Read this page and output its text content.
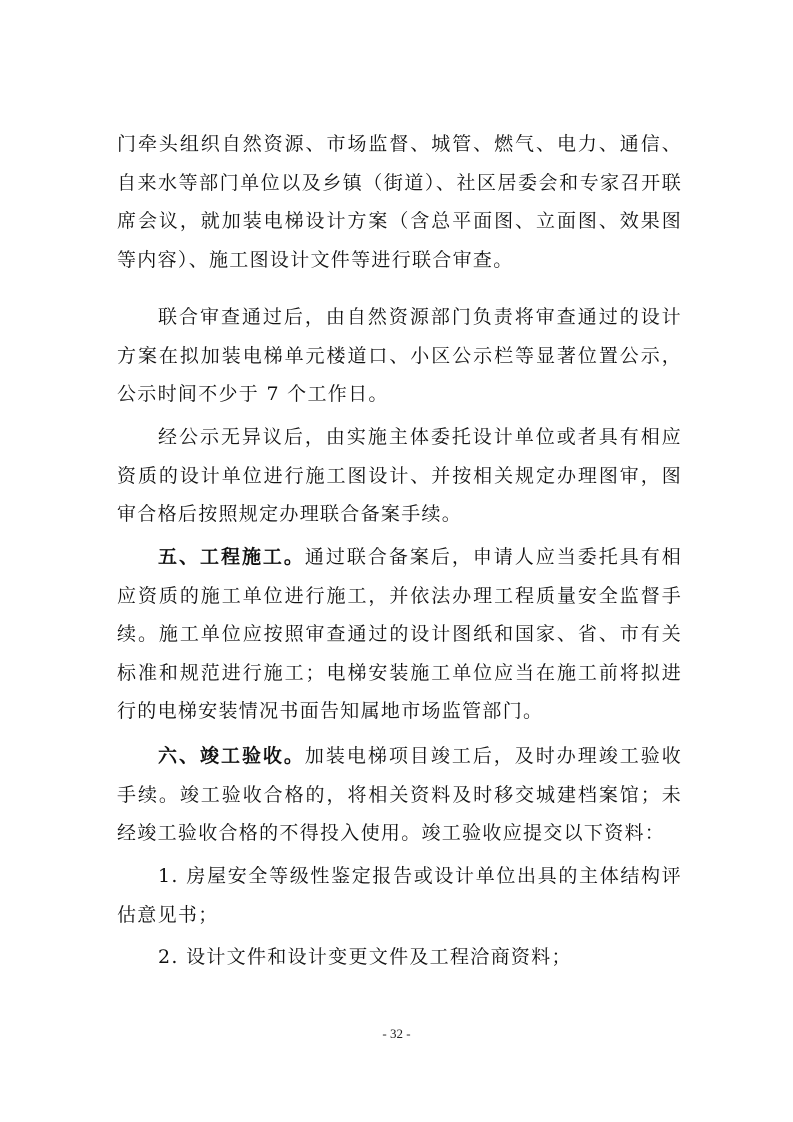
门牵头组织自然资源、市场监督、城管、燃气、电力、通信、自来水等部门单位以及乡镇（街道）、社区居委会和专家召开联席会议，就加装电梯设计方案（含总平面图、立面图、效果图等内容）、施工图设计文件等进行联合审查。

联合审查通过后，由自然资源部门负责将审查通过的设计方案在拟加装电梯单元楼道口、小区公示栏等显著位置公示，公示时间不少于 7 个工作日。

经公示无异议后，由实施主体委托设计单位或者具有相应资质的设计单位进行施工图设计、并按相关规定办理图审，图审合格后按照规定办理联合备案手续。

五、工程施工。通过联合备案后，申请人应当委托具有相应资质的施工单位进行施工，并依法办理工程质量安全监督手续。施工单位应按照审查通过的设计图纸和国家、省、市有关标准和规范进行施工；电梯安装施工单位应当在施工前将拟进行的电梯安装情况书面告知属地市场监管部门。

六、竣工验收。加装电梯项目竣工后，及时办理竣工验收手续。竣工验收合格的，将相关资料及时移交城建档案馆；未经竣工验收合格的不得投入使用。竣工验收应提交以下资料：

1. 房屋安全等级性鉴定报告或设计单位出具的主体结构评估意见书；

2. 设计文件和设计变更文件及工程洽商资料；

- 32 -
